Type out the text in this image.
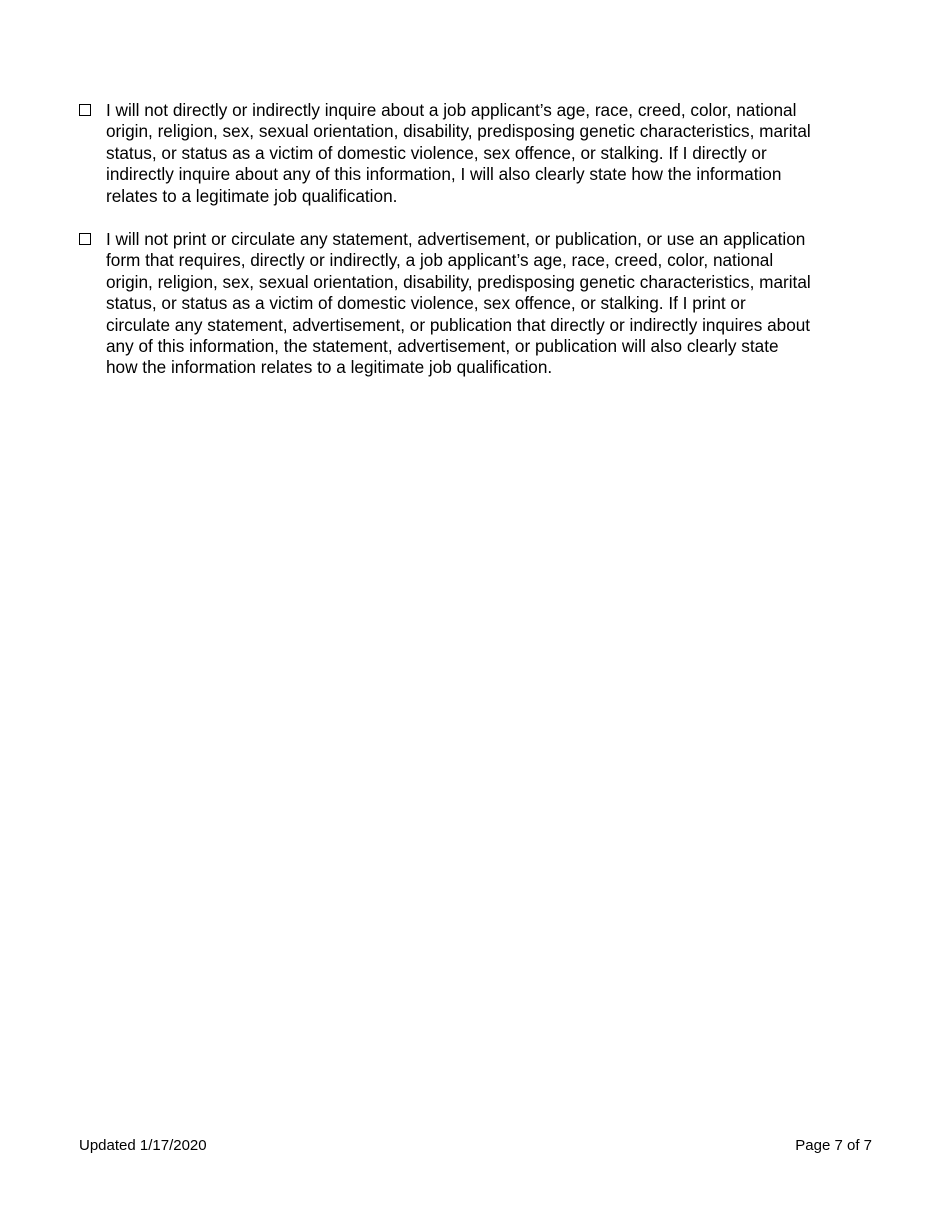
I will not directly or indirectly inquire about a job applicant’s age, race, creed, color, national
origin, religion, sex, sexual orientation, disability, predisposing genetic characteristics, marital
status, or status as a victim of domestic violence, sex offence, or stalking. If I directly or
indirectly inquire about any of this information, I will also clearly state how the information
relates to a legitimate job qualification.
I will not print or circulate any statement, advertisement, or publication, or use an application
form that requires, directly or indirectly, a job applicant’s age, race, creed, color, national
origin, religion, sex, sexual orientation, disability, predisposing genetic characteristics, marital
status, or status as a victim of domestic violence, sex offence, or stalking. If I print or
circulate any statement, advertisement, or publication that directly or indirectly inquires about
any of this information, the statement, advertisement, or publication will also clearly state
how the information relates to a legitimate job qualification.
Updated 1/17/2020	Page 7 of 7
